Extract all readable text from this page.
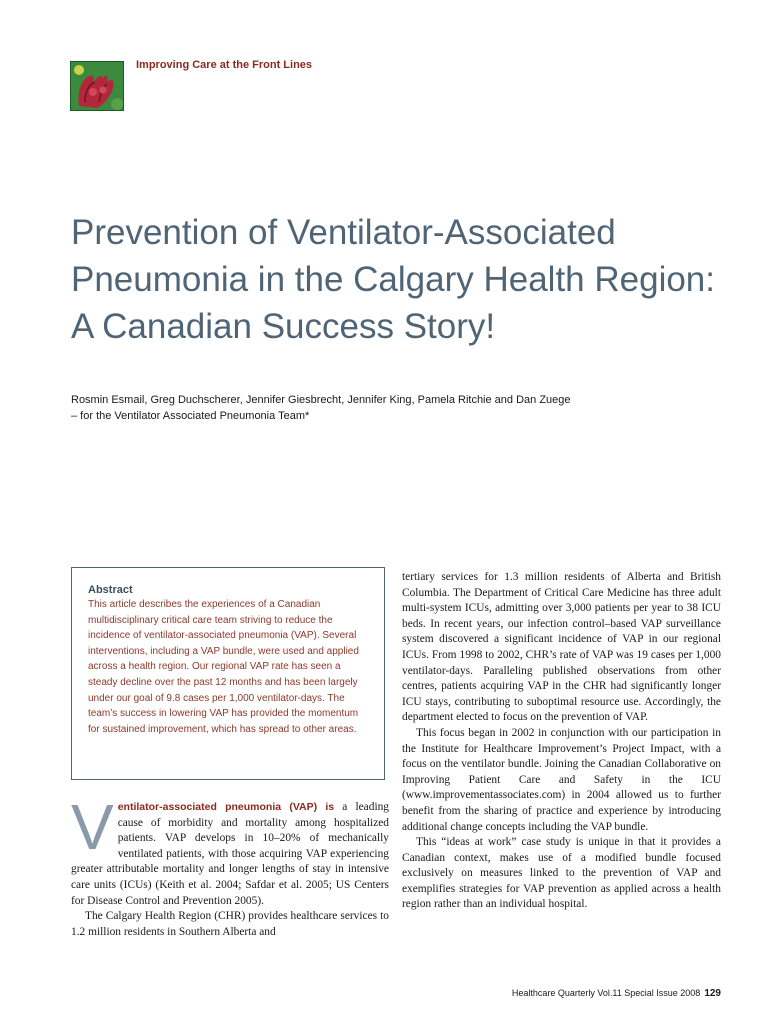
Improving Care at the Front Lines
Prevention of Ventilator-Associated Pneumonia in the Calgary Health Region: A Canadian Success Story!
Rosmin Esmail, Greg Duchscherer, Jennifer Giesbrecht, Jennifer King, Pamela Ritchie and Dan Zuege
– for the Ventilator Associated Pneumonia Team*

Abstract

This article describes the experiences of a Canadian multidisciplinary critical care team striving to reduce the incidence of ventilator-associated pneumonia (VAP). Several interventions, including a VAP bundle, were used and applied across a health region. Our regional VAP rate has seen a steady decline over the past 12 months and has been largely under our goal of 9.8 cases per 1,000 ventilator-days. The team’s success in lowering VAP has provided the momentum for sustained improvement, which has spread to other areas.

Ventilator-associated pneumonia (VAP) is a leading cause of morbidity and mortality among hospitalized patients. VAP develops in 10–20% of mechanically ventilated patients, with those acquiring VAP experiencing greater attributable mortality and longer lengths of stay in intensive care units (ICUs) (Keith et al. 2004; Safdar et al. 2005; US Centers for Disease Control and Prevention 2005).

The Calgary Health Region (CHR) provides healthcare services to 1.2 million residents in Southern Alberta and

tertiary services for 1.3 million residents of Alberta and British Columbia. The Department of Critical Care Medicine has three adult multi-system ICUs, admitting over 3,000 patients per year to 38 ICU beds. In recent years, our infection control–based VAP surveillance system discovered a significant incidence of VAP in our regional ICUs. From 1998 to 2002, CHR’s rate of VAP was 19 cases per 1,000 ventilator-days. Paralleling published observations from other centres, patients acquiring VAP in the CHR had significantly longer ICU stays, contributing to suboptimal resource use. Accordingly, the department elected to focus on the prevention of VAP.

This focus began in 2002 in conjunction with our participation in the Institute for Healthcare Improvement’s Project Impact, with a focus on the ventilator bundle. Joining the Canadian Collaborative on Improving Patient Care and Safety in the ICU (www.improvementassociates.com) in 2004 allowed us to further benefit from the sharing of practice and experience by introducing additional change concepts including the VAP bundle.

This “ideas at work” case study is unique in that it provides a Canadian context, makes use of a modified bundle focused exclusively on measures linked to the prevention of VAP and exemplifies strategies for VAP prevention as applied across a health region rather than an individual hospital.

Healthcare Quarterly Vol.11 Special Issue 2008 129
